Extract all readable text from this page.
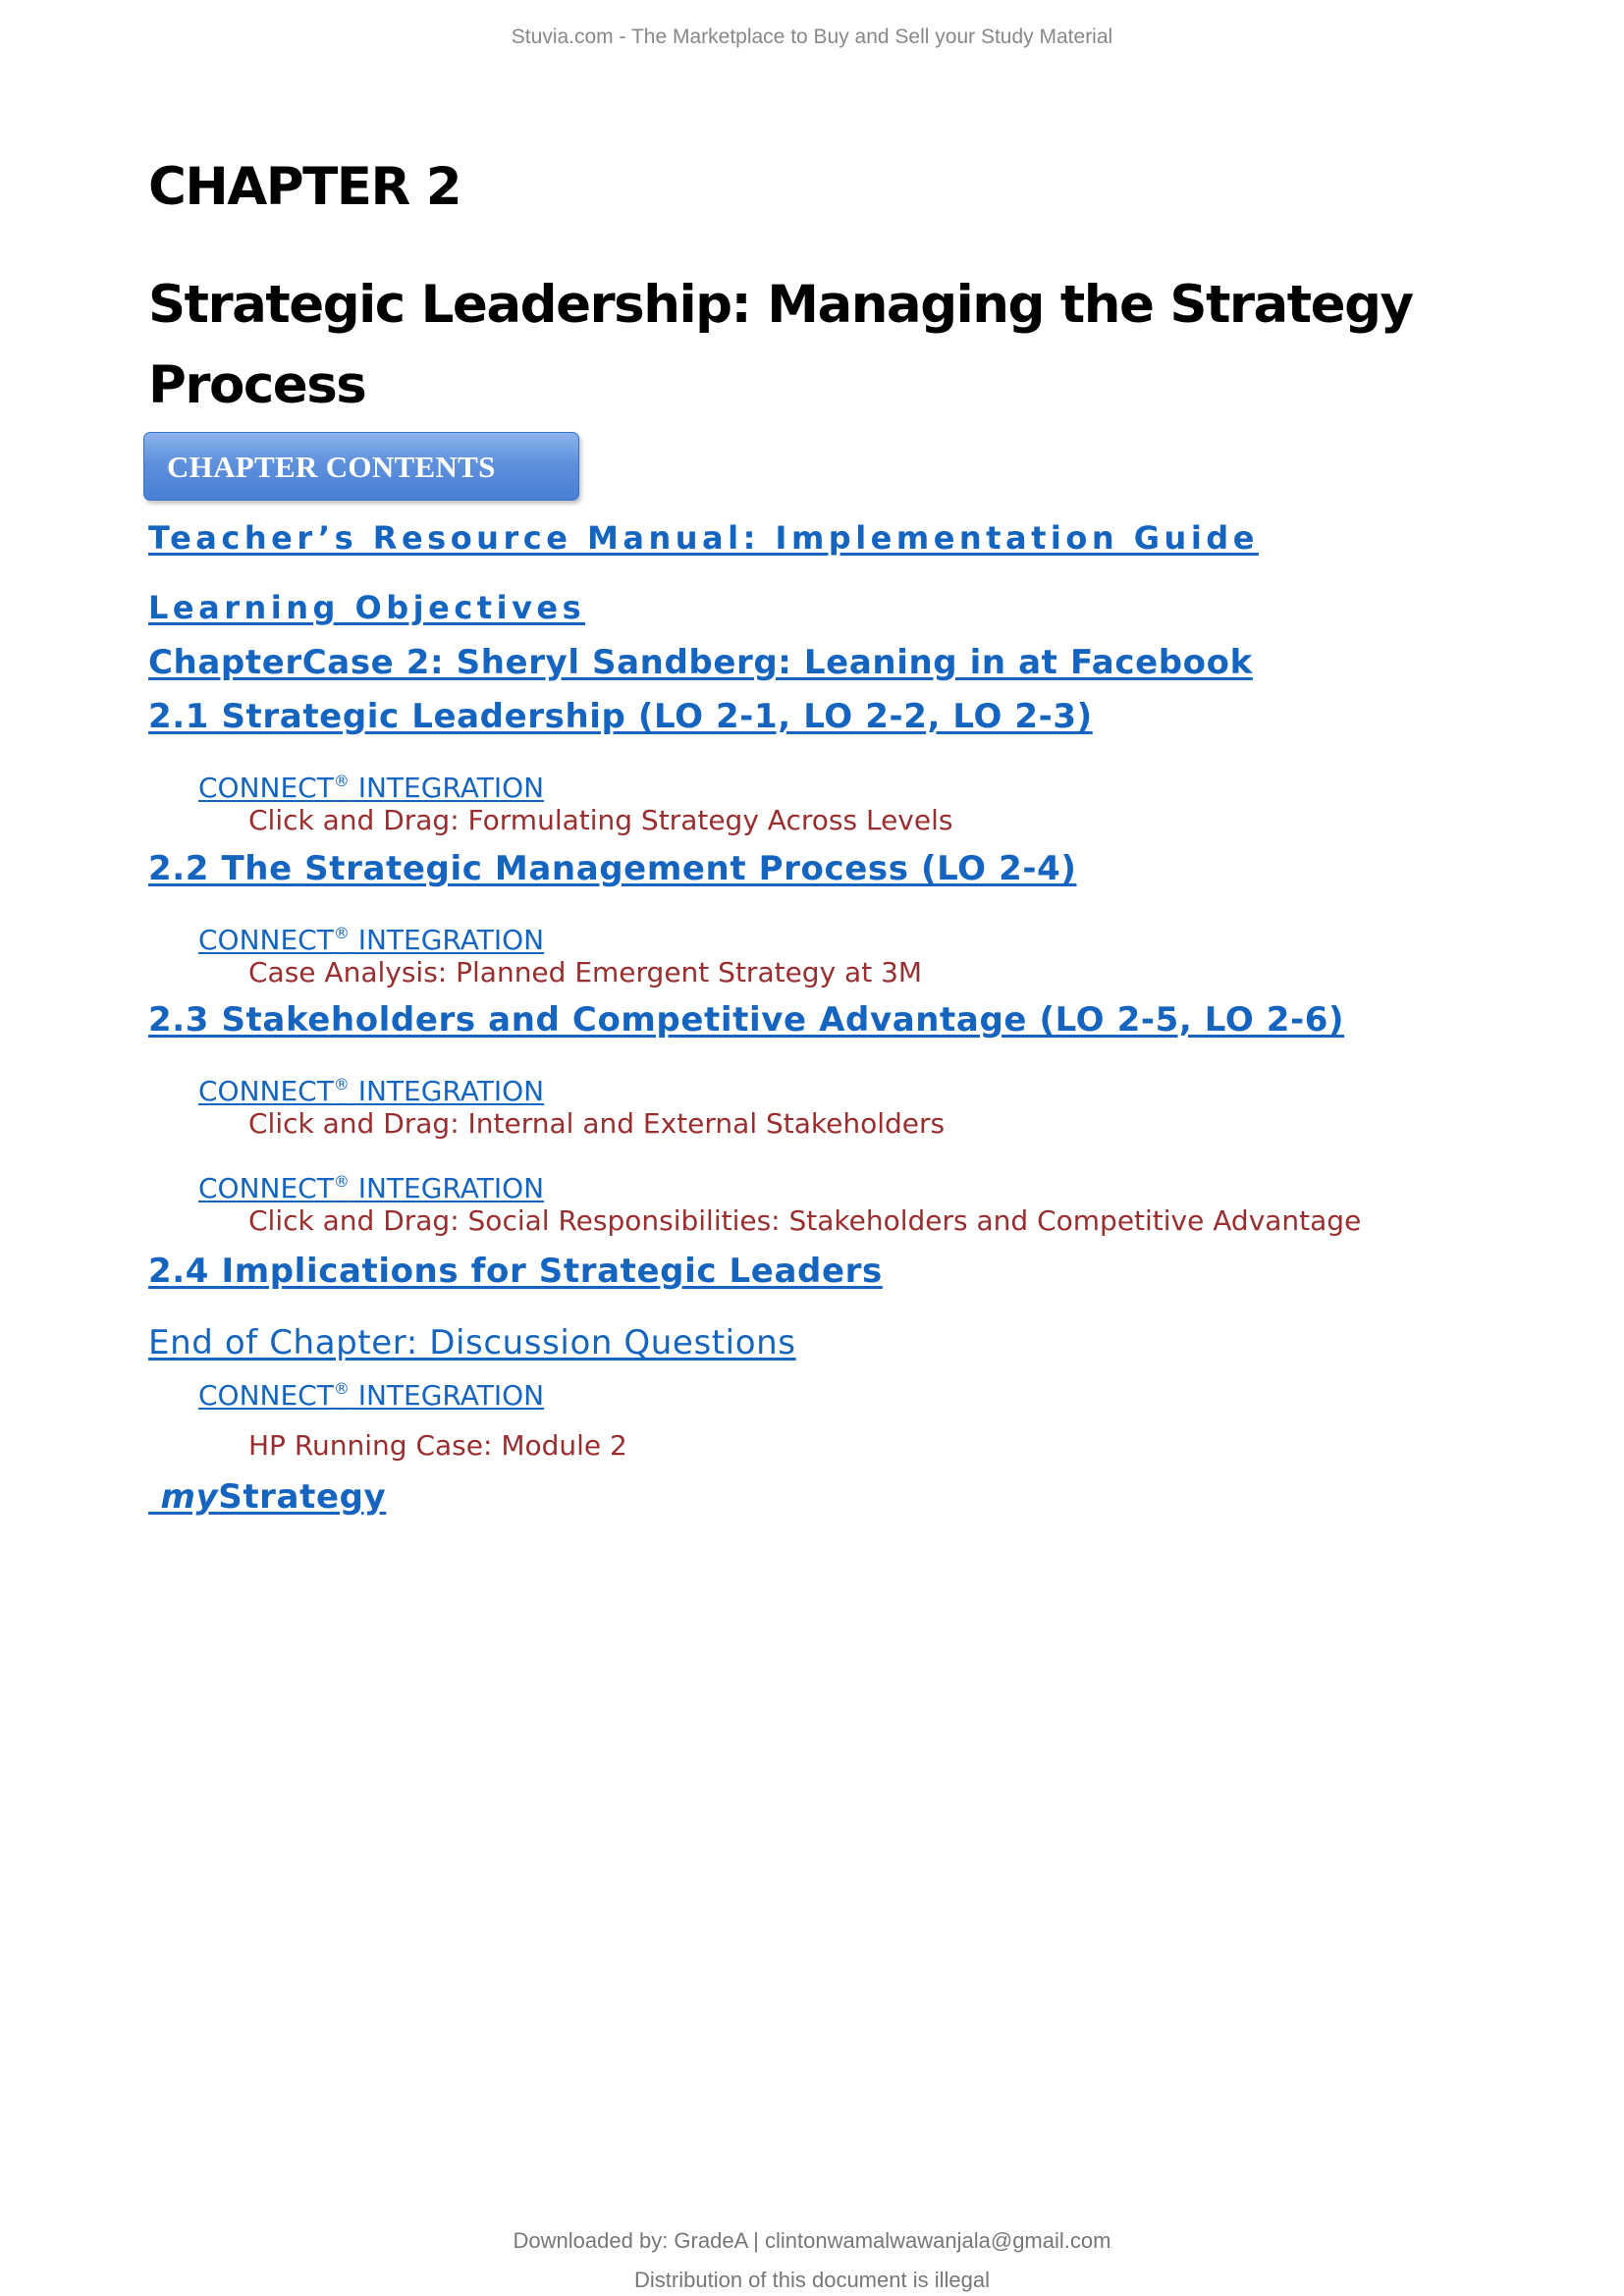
Stuvia.com - The Marketplace to Buy and Sell your Study Material
CHAPTER 2
Strategic Leadership: Managing the Strategy Process
CHAPTER CONTENTS
Teacher’s Resource Manual: Implementation Guide
Learning Objectives
ChapterCase 2: Sheryl Sandberg: Leaning in at Facebook
2.1 Strategic Leadership (LO 2-1, LO 2-2, LO 2-3)
CONNECT® INTEGRATION
Click and Drag: Formulating Strategy Across Levels
2.2 The Strategic Management Process (LO 2-4)
CONNECT® INTEGRATION
Case Analysis: Planned Emergent Strategy at 3M
2.3 Stakeholders and Competitive Advantage (LO 2-5, LO 2-6)
CONNECT® INTEGRATION
Click and Drag: Internal and External Stakeholders
CONNECT® INTEGRATION
Click and Drag: Social Responsibilities: Stakeholders and Competitive Advantage
2.4 Implications for Strategic Leaders
End of Chapter: Discussion Questions
CONNECT® INTEGRATION
HP Running Case: Module 2
myStrategy
Downloaded by: GradeA | clintonwamalwawanjala@gmail.com
Distribution of this document is illegal
